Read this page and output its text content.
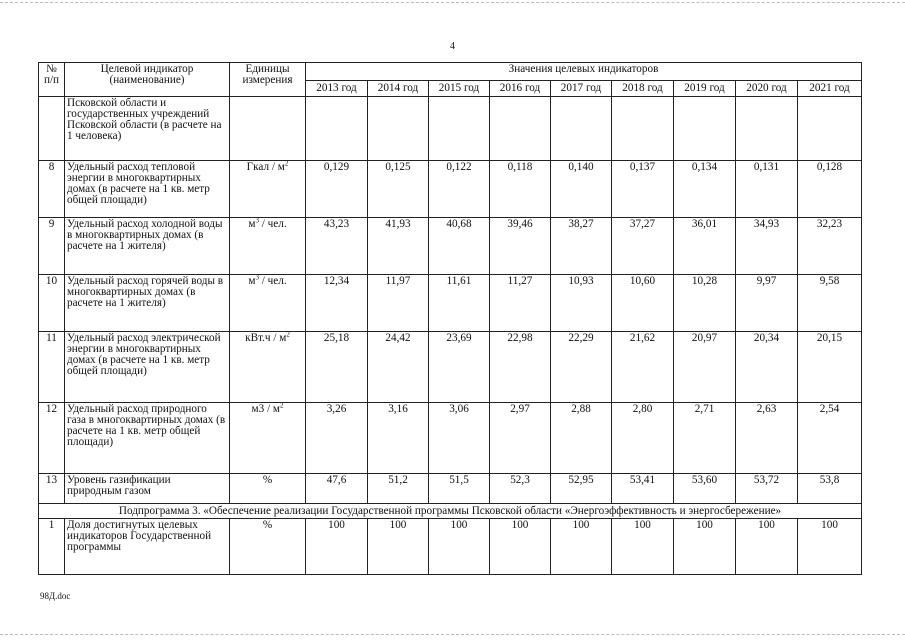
4
№ п/п	Целевой индикатор (наименование)	Единицы измерения	Значения целевых индикаторов								
			2013 год	2014 год	2015 год	2016 год	2017 год	2018 год	2019 год	2020 год	2021 год
	Псковской области и государственных учреждений Псковской области (в расчете на 1 человека)										
8	Удельный расход тепловой энергии в многоквартирных домах (в расчете на 1 кв. метр общей площади)	Гкал / $м^2$	0,129	0,125	0,122	0,118	0,140	0,137	0,134	0,131	0,128
9	Удельный расход холодной воды в многоквартирных домах (в расчете на 1 жителя)	$м^3$ / чел.	43,23	41,93	40,68	39,46	38,27	37,27	36,01	34,93	32,23
10	Удельный расход горячей воды в многоквартирных домах (в расчете на 1 жителя)	$м^3$ / чел.	12,34	11,97	11,61	11,27	10,93	10,60	10,28	9,97	9,58
11	Удельный расход электрической энергии в многоквартирных домах (в расчете на 1 кв. метр общей площади)	$кВт.ч / м^2$	25,18	24,42	23,69	22,98	22,29	21,62	20,97	20,34	20,15
12	Удельный расход природного газа в многоквартирных домах (в расчете на 1 кв. метр общей площади)	$м3 / м^2$	3,26	3,16	3,06	2,97	2,88	2,80	2,71	2,63	2,54
13	Уровень газификации природным газом	%	47,6	51,2	51,5	52,3	52,95	53,41	53,60	53,72	53,8
Подпрограмма 3. «Обеспечение реализации Государственной программы Псковской области «Энергоэффективность и энергосбережение»											
1	Доля достигнутых целевых индикаторов Государственной программы	%	100	100	100	100	100	100	100	100	100
98Д.doc
